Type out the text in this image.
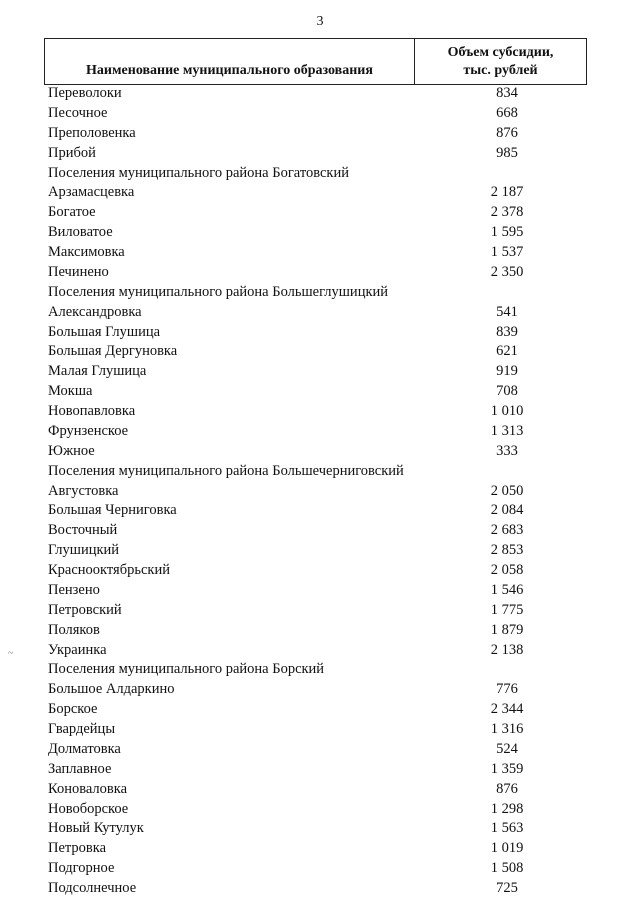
3
Наименование муниципального образования
Объем субсидии,
тыс. рублей
Переволоки	834
Песочное	668
Преполовенка	876
Прибой	985
Поселения муниципального района Богатовский
Арзамасцевка	2 187
Богатое	2 378
Виловатое	1 595
Максимовка	1 537
Печинено	2 350
Поселения муниципального района Большеглушицкий
Александровка	541
Большая Глушица	839
Большая Дергуновка	621
Малая Глушица	919
Мокша	708
Новопавловка	1 010
Фрунзенское	1 313
Южное	333
Поселения муниципального района Большечерниговский
Августовка	2 050
Большая Черниговка	2 084
Восточный	2 683
Глушицкий	2 853
Краснооктябрьский	2 058
Пензено	1 546
Петровский	1 775
Поляков	1 879
Украинка	2 138
Поселения муниципального района Борский
Большое Алдаркино	776
Борское	2 344
Гвардейцы	1 316
Долматовка	524
Заплавное	1 359
Коноваловка	876
Новоборское	1 298
Новый Кутулук	1 563
Петровка	1 019
Подгорное	1 508
Подсолнечное	725
~
